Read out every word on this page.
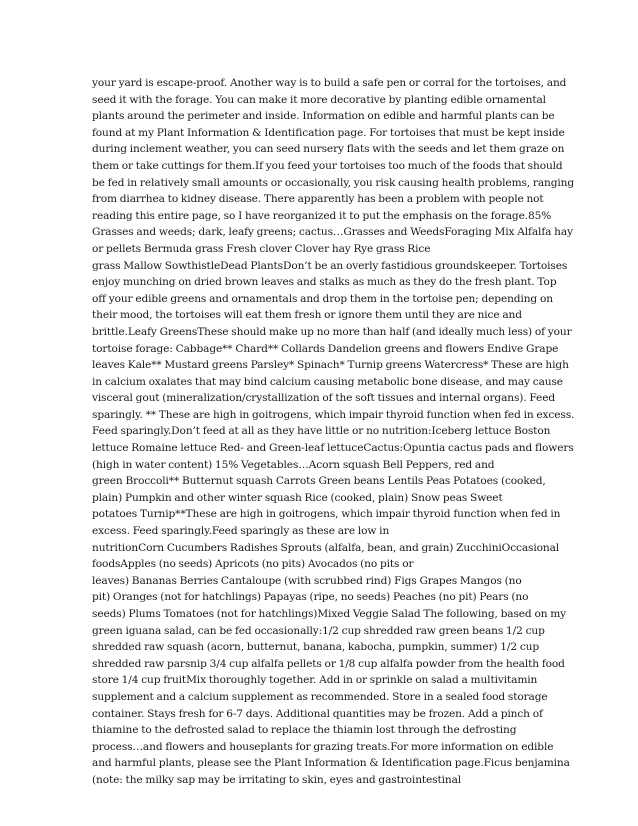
your yard is escape-proof. Another way is to build a safe pen or corral for the tortoises, and
seed it with the forage. You can make it more decorative by planting edible ornamental
plants around the perimeter and inside. Information on edible and harmful plants can be
found at my Plant Information & Identification page. For tortoises that must be kept inside
during inclement weather, you can seed nursery flats with the seeds and let them graze on
them or take cuttings for them.If you feed your tortoises too much of the foods that should
be fed in relatively small amounts or occasionally, you risk causing health problems, ranging
from diarrhea to kidney disease. There apparently has been a problem with people not
reading this entire page, so I have reorganized it to put the emphasis on the forage.85%
Grasses and weeds; dark, leafy greens; cactus…Grasses and WeedsForaging Mix Alfalfa hay
or pellets Bermuda grass Fresh clover Clover hay Rye grass Rice
grass Mallow SowthistleDead PlantsDon’t be an overly fastidious groundskeeper. Tortoises
enjoy munching on dried brown leaves and stalks as much as they do the fresh plant. Top
off your edible greens and ornamentals and drop them in the tortoise pen; depending on
their mood, the tortoises will eat them fresh or ignore them until they are nice and
brittle.Leafy GreensThese should make up no more than half (and ideally much less) of your
tortoise forage: Cabbage** Chard** Collards Dandelion greens and flowers Endive Grape
leaves Kale** Mustard greens Parsley* Spinach* Turnip greens Watercress* These are high
in calcium oxalates that may bind calcium causing metabolic bone disease, and may cause
visceral gout (mineralization/crystallization of the soft tissues and internal organs). Feed
sparingly. ** These are high in goitrogens, which impair thyroid function when fed in excess.
Feed sparingly.Don’t feed at all as they have little or no nutrition:Iceberg lettuce Boston
lettuce Romaine lettuce Red- and Green-leaf lettuceCactus:Opuntia cactus pads and flowers
(high in water content) 15% Vegetables…Acorn squash Bell Peppers, red and
green Broccoli** Butternut squash Carrots Green beans Lentils Peas Potatoes (cooked,
plain) Pumpkin and other winter squash Rice (cooked, plain) Snow peas Sweet
potatoes Turnip**These are high in goitrogens, which impair thyroid function when fed in
excess. Feed sparingly.Feed sparingly as these are low in
nutritionCorn Cucumbers Radishes Sprouts (alfalfa, bean, and grain) ZucchiniOccasional
foodsApples (no seeds) Apricots (no pits) Avocados (no pits or
leaves) Bananas Berries Cantaloupe (with scrubbed rind) Figs Grapes Mangos (no
pit) Oranges (not for hatchlings) Papayas (ripe, no seeds) Peaches (no pit) Pears (no
seeds) Plums Tomatoes (not for hatchlings)Mixed Veggie Salad The following, based on my
green iguana salad, can be fed occasionally:1/2 cup shredded raw green beans 1/2 cup
shredded raw squash (acorn, butternut, banana, kabocha, pumpkin, summer) 1/2 cup
shredded raw parsnip 3/4 cup alfalfa pellets or 1/8 cup alfalfa powder from the health food
store 1/4 cup fruitMix thoroughly together. Add in or sprinkle on salad a multivitamin
supplement and a calcium supplement as recommended. Store in a sealed food storage
container. Stays fresh for 6-7 days. Additional quantities may be frozen. Add a pinch of
thiamine to the defrosted salad to replace the thiamin lost through the defrosting
process…and flowers and houseplants for grazing treats.For more information on edible
and harmful plants, please see the Plant Information & Identification page.Ficus benjamina
(note: the milky sap may be irritating to skin, eyes and gastrointestinal
